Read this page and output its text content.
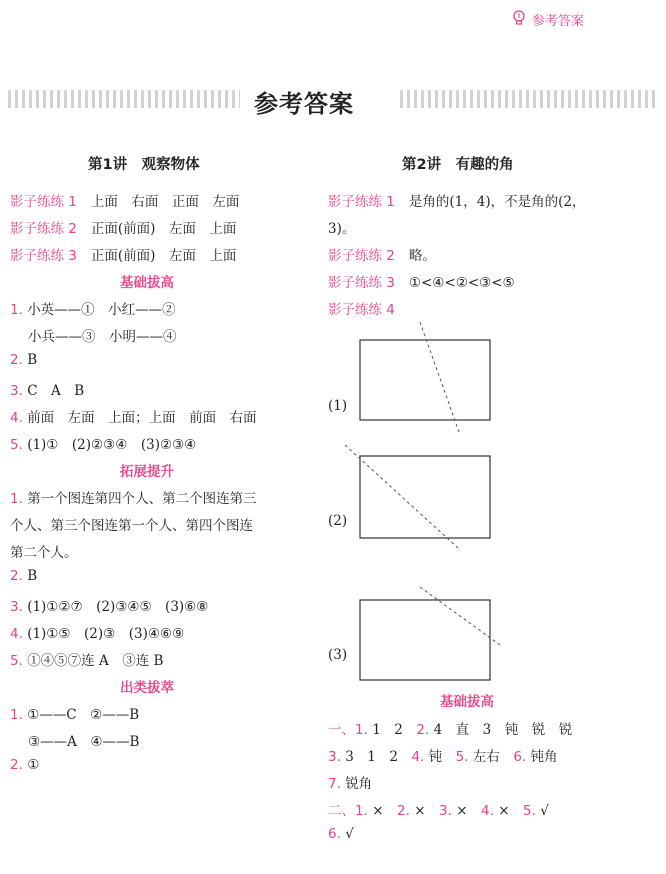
参考答案
参考答案
第1讲　观察物体
影子练练 1 上面　右面　正面　左面
影子练练 2 正面(前面)　左面　上面
影子练练 3 正面(前面)　左面　上面
基础拔高
1. 小英——①　小红——②
小兵——③　小明——④
2. B
3. C　A　B
4. 前面　左面　上面；上面　前面　右面
5. (1)①　(2)②③④　(3)②③④
拓展提升
1. 第一个图连第四个人、第二个图连第三
个人、第三个图连第一个人、第四个图连
第二个人。
2. B
3. (1)①②⑦　(2)③④⑤　(3)⑥⑧
4. (1)①⑤　(2)③　(3)④⑥⑨
5. ①④⑤⑦连 A　③连 B
出类拔萃
1. ①——C　②——B
③——A　④——B
2. ①
第2讲　有趣的角
影子练练 1 是角的(1，4)，不是角的(2，
3)。
影子练练 2 略。
影子练练 3 ①<④<②<③<⑤
影子练练 4
(1)
(2)
(3)
基础拔高
一、1. 1　2　 2. 4　直　3　钝　锐　锐
3. 3　1　2　 4. 钝　 5. 左右　 6. 钝角
7. 锐角
二、1. ×　 2. ×　 3. ×　 4. ×　 5. √
6. √
